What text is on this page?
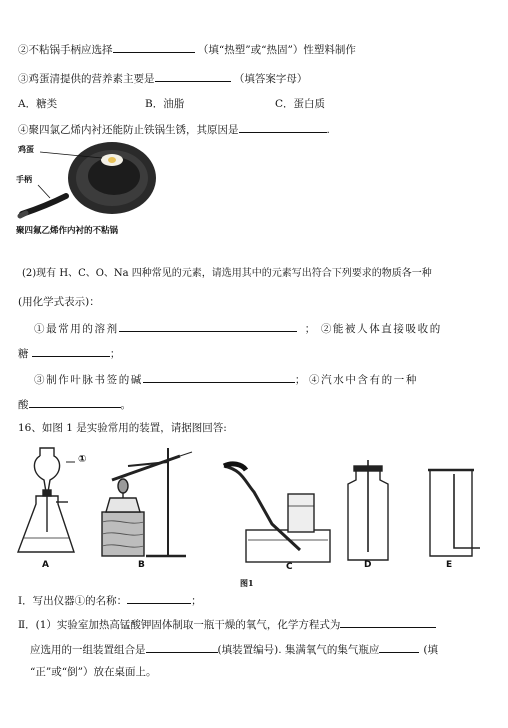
②不粘锅手柄应选择	（填“热塑”或“热固”）性塑料制作
③鸡蛋清提供的营养素主要是	（填答案字母）
A．糖类	B．油脂	C．蛋白质
④聚四氯乙烯内衬还能防止铁锅生锈，其原因是	.
鸡蛋
手柄
聚四氟乙烯作内衬的不粘锅
(2)现有 H、C、O、Na 四种常见的元素，请选用其中的元素写出符合下列要求的物质各一种
(用化学式表示)：
①最常用的溶剂	； ②能被人体直接吸收的
糖	；
③制作叶脉书签的碱	； ④汽水中含有的一种
酸	。
16、如图 1 是实验常用的装置，请据图回答:
①
A	B	C	D	E
图1
Ⅰ．写出仪器①的名称：	；
Ⅱ．(1）实验室加热高锰酸钾固体制取一瓶干燥的氧气，化学方程式为
应选用的一组装置组合是	(填装置编号). 集满氧气的集气瓶应	(填
“正”或“倒”）放在桌面上。
